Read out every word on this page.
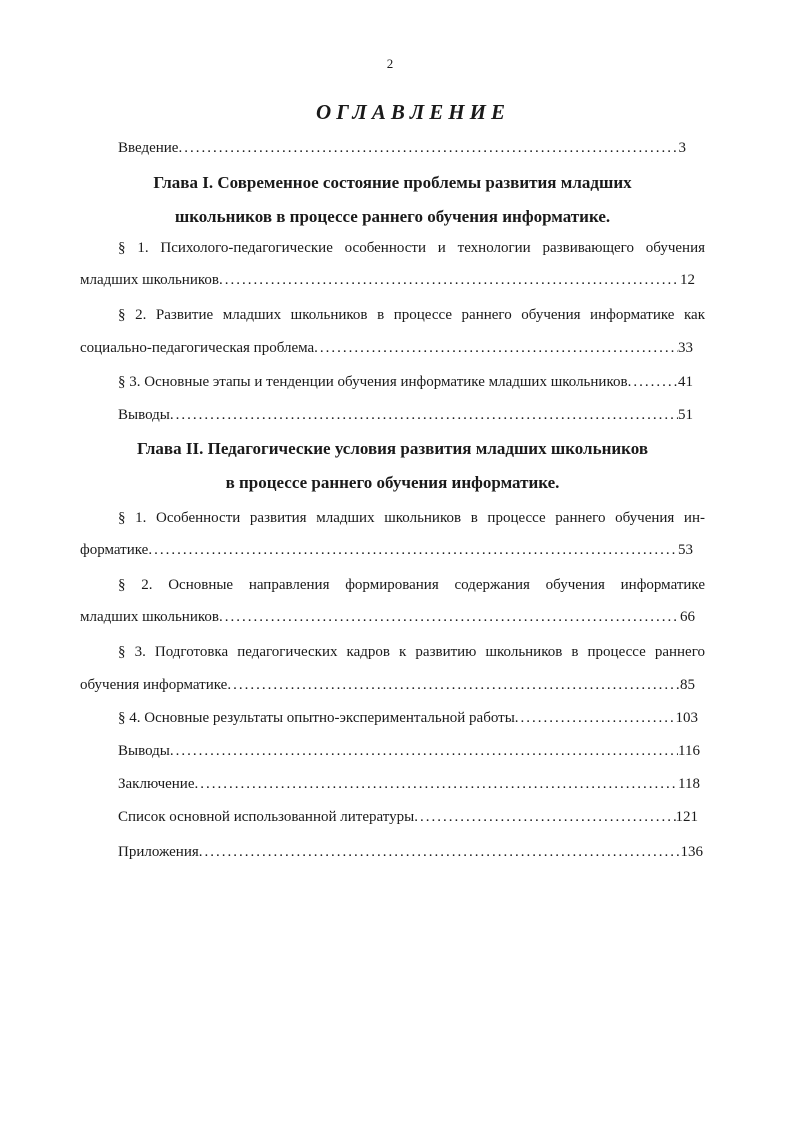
2
ОГЛАВЛЕНИЕ
Введение .....	3
Глава I. Современное состояние проблемы развития младших
школьников в процессе раннего обучения информатике.
§ 1. Психолого-педагогические особенности и технологии развивающего обучения
младших школьников .....	12
§ 2. Развитие младших школьников в процессе раннего обучения информатике как
социально-педагогическая проблема .....	33
§ 3. Основные этапы и тенденции обучения информатике младших школьников .....	41
Выводы .....	51
Глава II. Педагогические условия развития младших школьников
в процессе раннего обучения информатике.
§ 1. Особенности развития младших школьников в процессе раннего обучения ин-
форматике .....	53
§ 2. Основные направления формирования содержания обучения информатике
младших школьников .....	66
§ 3. Подготовка педагогических кадров к развитию школьников в процессе раннего
обучения информатике .....	85
§ 4. Основные результаты опытно-экспериментальной работы .....	103
Выводы .....	116
Заключение .....	118
Список основной использованной литературы .....	121
Приложения .....	136
